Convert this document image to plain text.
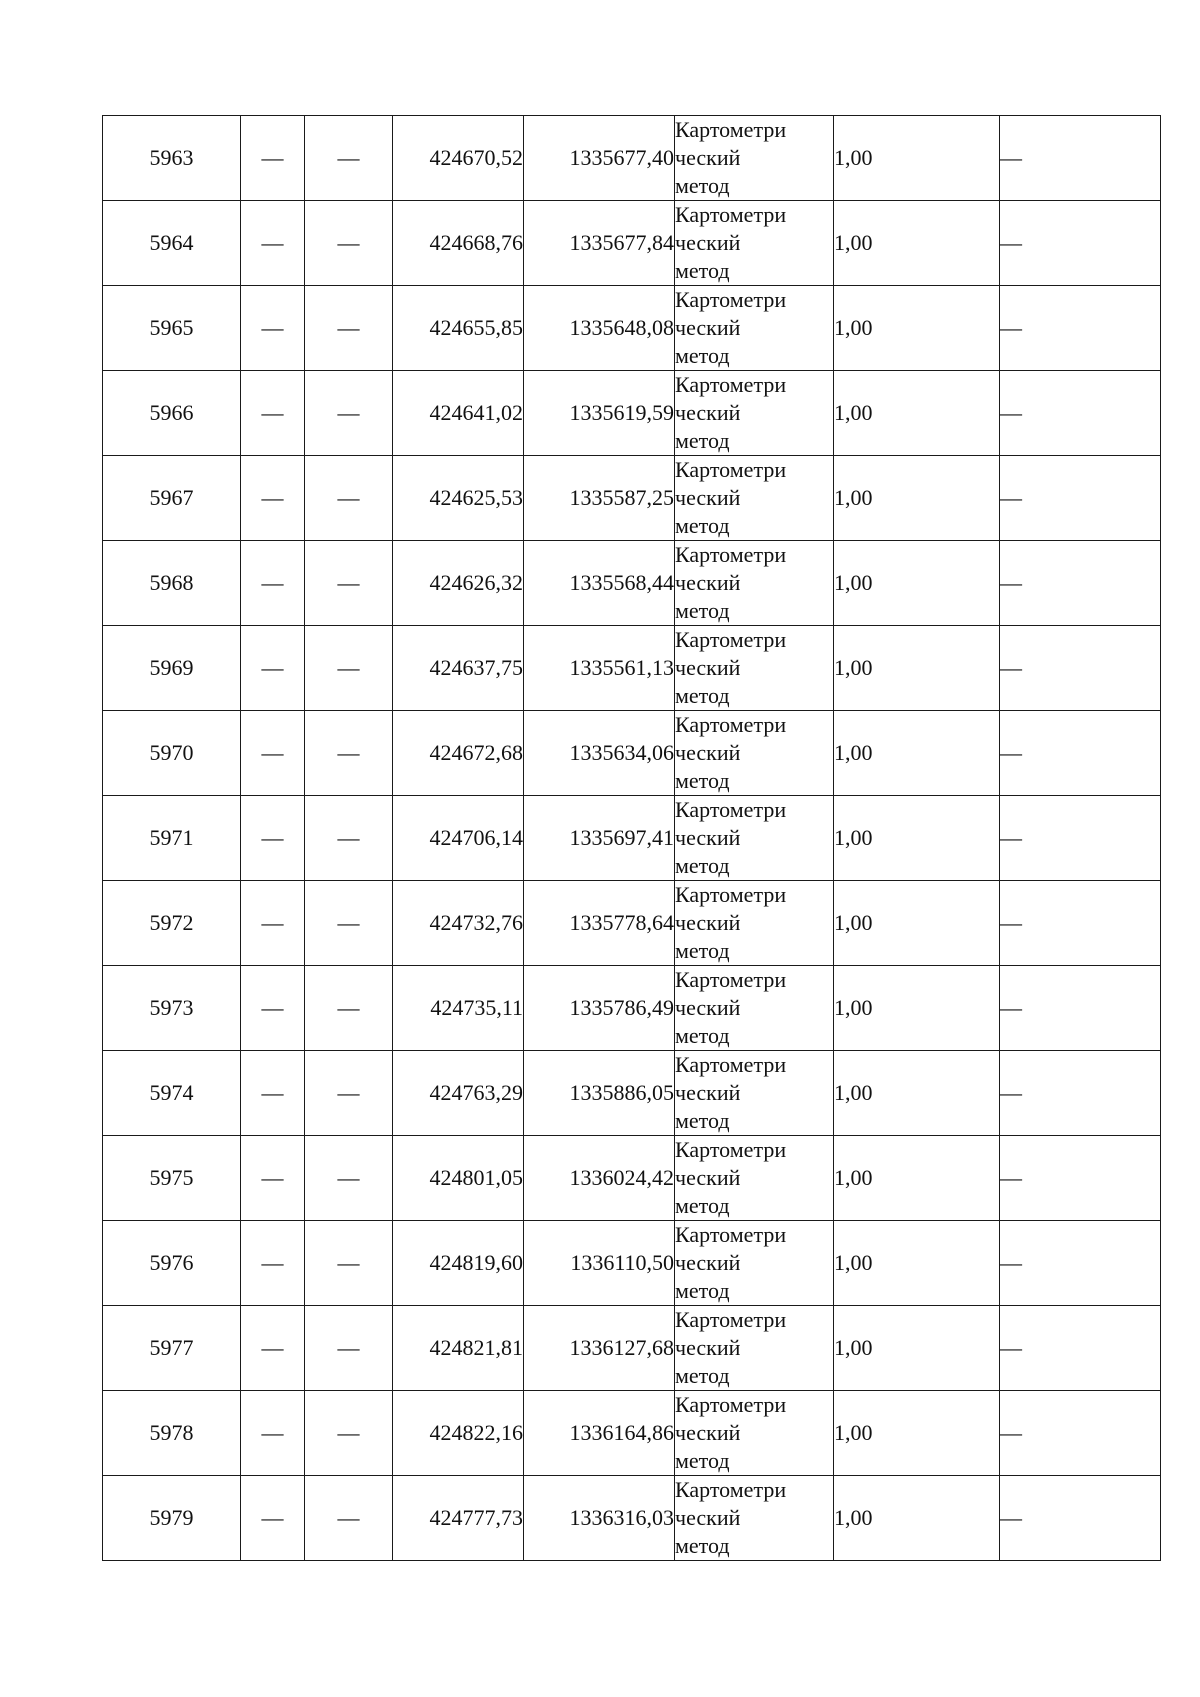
5963	—	—	424670,52	1335677,40	Картометри
ческий
метод	1,00	—
5964	—	—	424668,76	1335677,84	Картометри
ческий
метод	1,00	—
5965	—	—	424655,85	1335648,08	Картометри
ческий
метод	1,00	—
5966	—	—	424641,02	1335619,59	Картометри
ческий
метод	1,00	—
5967	—	—	424625,53	1335587,25	Картометри
ческий
метод	1,00	—
5968	—	—	424626,32	1335568,44	Картометри
ческий
метод	1,00	—
5969	—	—	424637,75	1335561,13	Картометри
ческий
метод	1,00	—
5970	—	—	424672,68	1335634,06	Картометри
ческий
метод	1,00	—
5971	—	—	424706,14	1335697,41	Картометри
ческий
метод	1,00	—
5972	—	—	424732,76	1335778,64	Картометри
ческий
метод	1,00	—
5973	—	—	424735,11	1335786,49	Картометри
ческий
метод	1,00	—
5974	—	—	424763,29	1335886,05	Картометри
ческий
метод	1,00	—
5975	—	—	424801,05	1336024,42	Картометри
ческий
метод	1,00	—
5976	—	—	424819,60	1336110,50	Картометри
ческий
метод	1,00	—
5977	—	—	424821,81	1336127,68	Картометри
ческий
метод	1,00	—
5978	—	—	424822,16	1336164,86	Картометри
ческий
метод	1,00	—
5979	—	—	424777,73	1336316,03	Картометри
ческий
метод	1,00	—
